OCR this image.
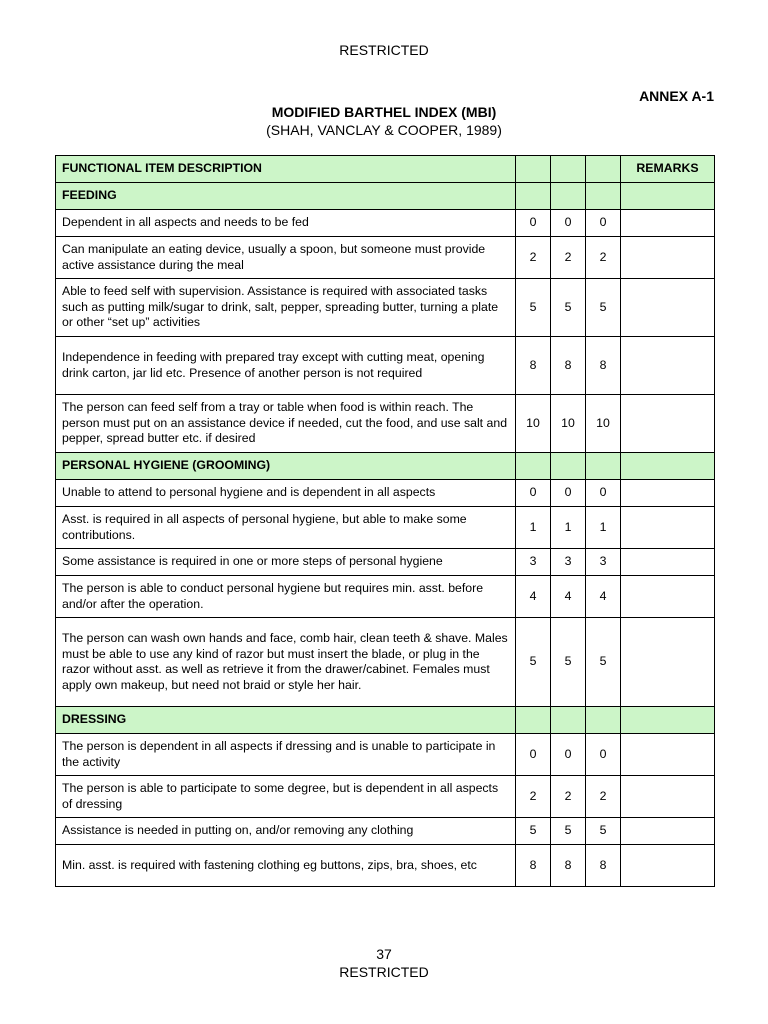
RESTRICTED
ANNEX A-1
MODIFIED BARTHEL INDEX (MBI)
(SHAH, VANCLAY & COOPER, 1989)
FUNCTIONAL ITEM DESCRIPTION				REMARKS
FEEDING				
Dependent in all aspects and needs to be fed	0	0	0	
Can manipulate an eating device, usually a spoon, but someone must provide active assistance during the meal	2	2	2	
Able to feed self with supervision. Assistance is required with associated tasks such as putting milk/sugar to drink, salt, pepper, spreading butter, turning a plate or other “set up” activities	5	5	5	
Independence in feeding with prepared tray except with cutting meat, opening drink carton, jar lid etc. Presence of another person is not required	8	8	8	
The person can feed self from a tray or table when food is within reach. The person must put on an assistance device if needed, cut the food, and use salt and pepper, spread butter etc. if desired	10	10	10	
PERSONAL HYGIENE (GROOMING)				
Unable to attend to personal hygiene and is dependent in all aspects	0	0	0	
Asst. is required in all aspects of personal hygiene, but able to make some contributions.	1	1	1	
Some assistance is required in one or more steps of personal hygiene	3	3	3	
The person is able to conduct personal hygiene but requires min. asst. before and/or after the operation.	4	4	4	
The person can wash own hands and face, comb hair, clean teeth & shave. Males must be able to use any kind of razor but must insert the blade, or plug in the razor without asst. as well as retrieve it from the drawer/cabinet. Females must apply own makeup, but need not braid or style her hair.	5	5	5	
DRESSING				
The person is dependent in all aspects if dressing and is unable to participate in the activity	0	0	0	
The person is able to participate to some degree, but is dependent in all aspects of dressing	2	2	2	
Assistance is needed in putting on, and/or removing any clothing	5	5	5	
Min. asst. is required with fastening clothing eg buttons, zips, bra, shoes, etc	8	8	8	
37
RESTRICTED
